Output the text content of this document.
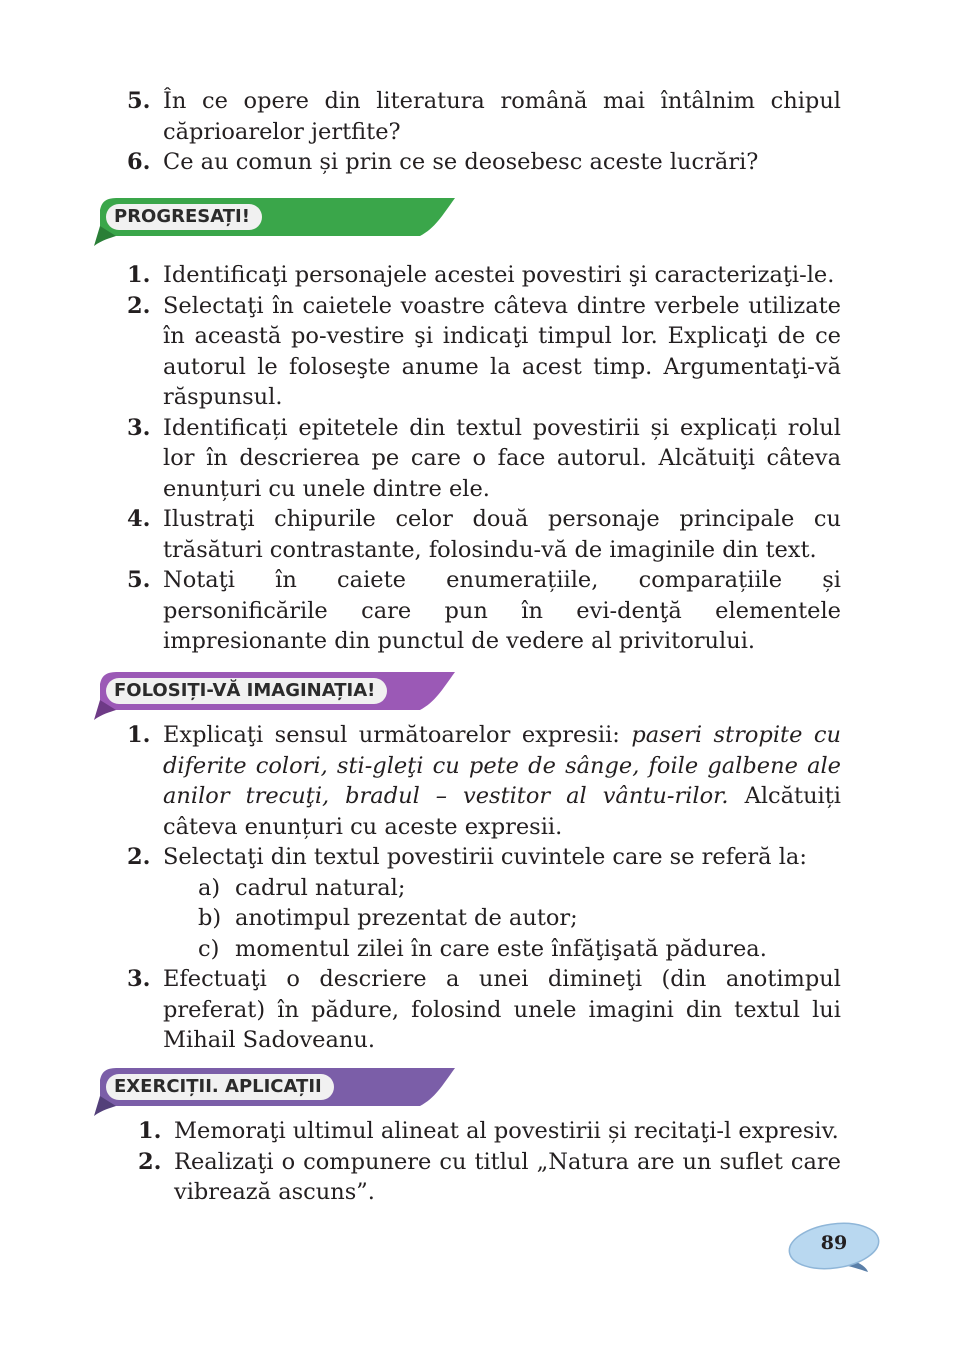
5. În ce opere din literatura română mai întâlnim chipul căprioarelor jertfite?
6. Ce au comun și prin ce se deosebesc aceste lucrări?
PROGRESAȚI!
1. Identificaţi personajele acestei povestiri şi caracterizaţi-le.
2. Selectaţi în caietele voastre câteva dintre verbele utilizate în această po-vestire şi indicaţi timpul lor. Explicaţi de ce autorul le foloseşte anume la acest timp. Argumentaţi-vă răspunsul.
3. Identificați epitetele din textul povestirii și explicați rolul lor în descrierea pe care o face autorul. Alcătuiţi câteva enunțuri cu unele dintre ele.
4. Ilustraţi chipurile celor două personaje principale cu trăsături contrastante, folosindu-vă de imaginile din text.
5. Notaţi în caiete enumerațiile, comparațiile și personificările care pun în evi-denţă elementele impresionante din punctul de vedere al privitorului.
FOLOSIȚI-VĂ IMAGINAȚIA!
1. Explicaţi sensul următoarelor expresii: paseri stropite cu diferite colori, sti-gleţi cu pete de sânge, foile galbene ale anilor trecuţi, bradul – vestitor al vântu-rilor. Alcătuiți câteva enunțuri cu aceste expresii.
2. Selectaţi din textul povestirii cuvintele care se referă la:
a) cadrul natural;
b) anotimpul prezentat de autor;
c) momentul zilei în care este înfăţişată pădurea.
3. Efectuaţi o descriere a unei dimineţi (din anotimpul preferat) în pădure, folosind unele imagini din textul lui Mihail Sadoveanu.
EXERCIȚII. APLICAȚII
1. Memoraţi ultimul alineat al povestirii și recitaţi-l expresiv.
2. Realizaţi o compunere cu titlul „Natura are un suflet care vibrează ascuns”.
89
